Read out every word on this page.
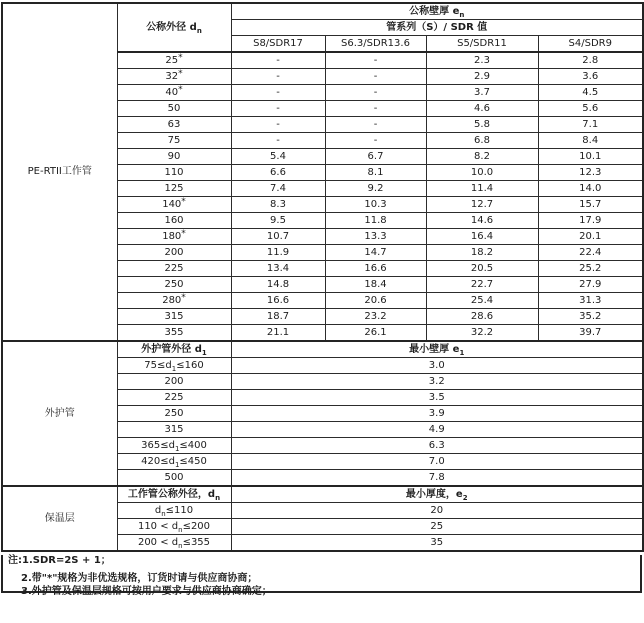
PE-RTII工作管	公称外径 $d_n$	公称壁厚 $e_n$
		管系列（S）/ SDR 值			
		S8/SDR17	S6.3/SDR13.6	S5/SDR11	S4/SDR9
	25*	-	-	2.3	2.8
	32*	-	-	2.9	3.6
	40*	-	-	3.7	4.5
	50	-	-	4.6	5.6
	63	-	-	5.8	7.1
	75	-	-	6.8	8.4
	90	5.4	6.7	8.2	10.1
	110	6.6	8.1	10.0	12.3
	125	7.4	9.2	11.4	14.0
	140*	8.3	10.3	12.7	15.7
	160	9.5	11.8	14.6	17.9
	180*	10.7	13.3	16.4	20.1
	200	11.9	14.7	18.2	22.4
	225	13.4	16.6	20.5	25.2
	250	14.8	18.4	22.7	27.9
	280*	16.6	20.6	25.4	31.3
	315	18.7	23.2	28.6	35.2
	355	21.1	26.1	32.2	39.7
外护管	外护管外径 $d_1$	最小壁厚 $e_1$
	$75\le d_1\le 160$	3.0			
	200	3.2			
	225	3.5			
	250	3.9			
	315	4.9			
	$365\le d_1\le 400$	6.3			
	$420\le d_1\le 450$	7.0			
	500	7.8			
保温层	工作管公称外径，$d_n$	最小厚度，$e_2$
	$d_n\le 110$	20			
	$110 < d_n\le 200$	25			
	$200 < d_n\le 355$	35			
注:1.SDR=2S + 1；
2.带"*"规格为非优选规格，订货时请与供应商协商；
3.外护管及保温层规格可按用户要求与供应商协商确定；
